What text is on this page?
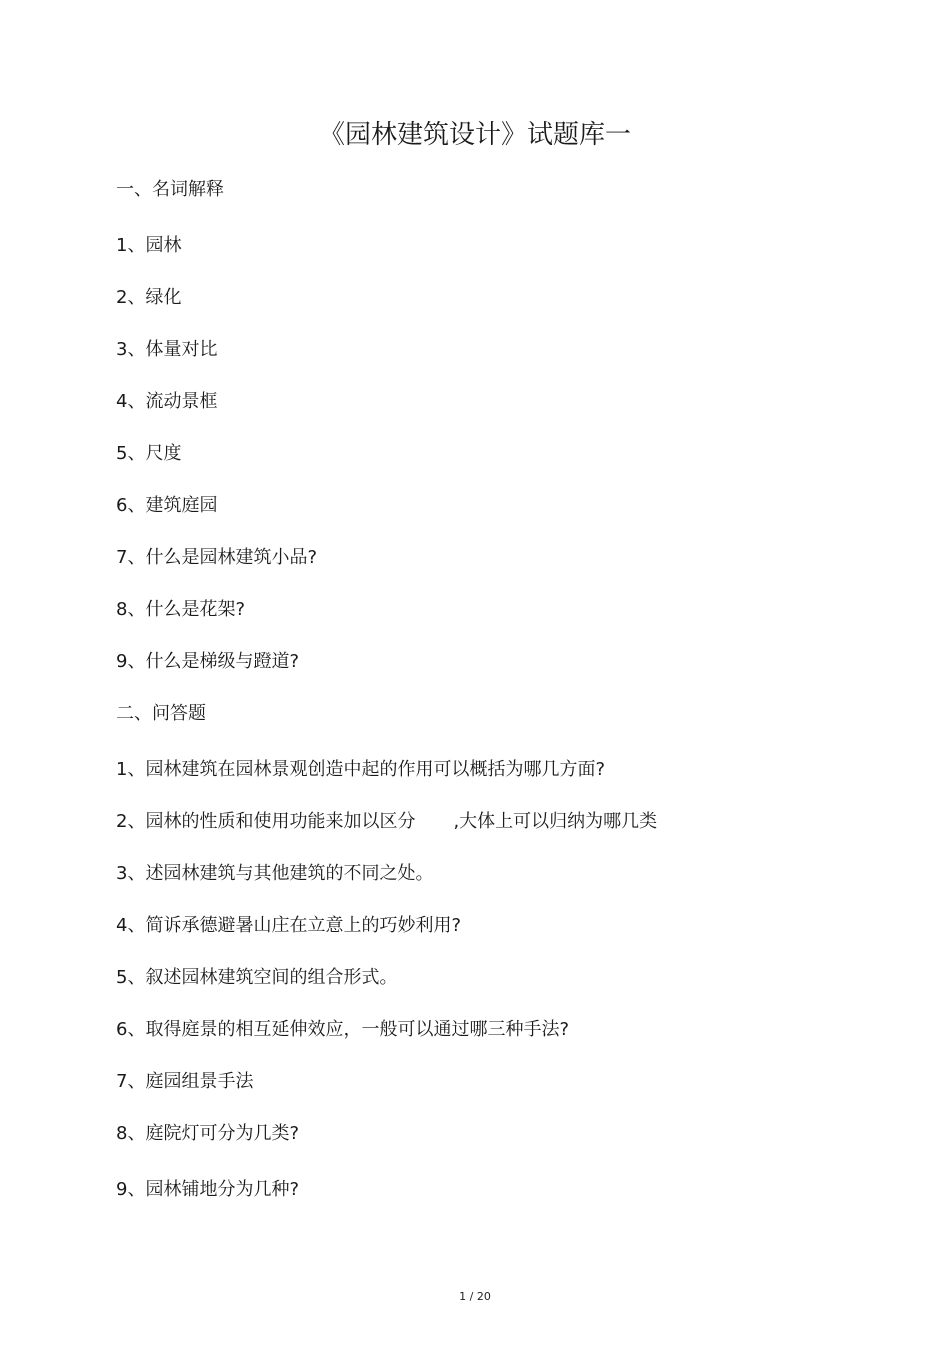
《园林建筑设计》试题库一
一、名词解释
1、园林
2、绿化
3、体量对比
4、流动景框
5、尺度
6、建筑庭园
7、什么是园林建筑小品?
8、什么是花架?
9、什么是梯级与蹬道?
二、问答题
1、园林建筑在园林景观创造中起的作用可以概括为哪几方面?
2、园林的性质和使用功能来加以区分 ,大体上可以归纳为哪几类
3、述园林建筑与其他建筑的不同之处。
4、简诉承德避暑山庄在立意上的巧妙利用?
5、叙述园林建筑空间的组合形式。
6、取得庭景的相互延伸效应，一般可以通过哪三种手法?
7、庭园组景手法
8、庭院灯可分为几类?
9、园林铺地分为几种?
1 / 20
